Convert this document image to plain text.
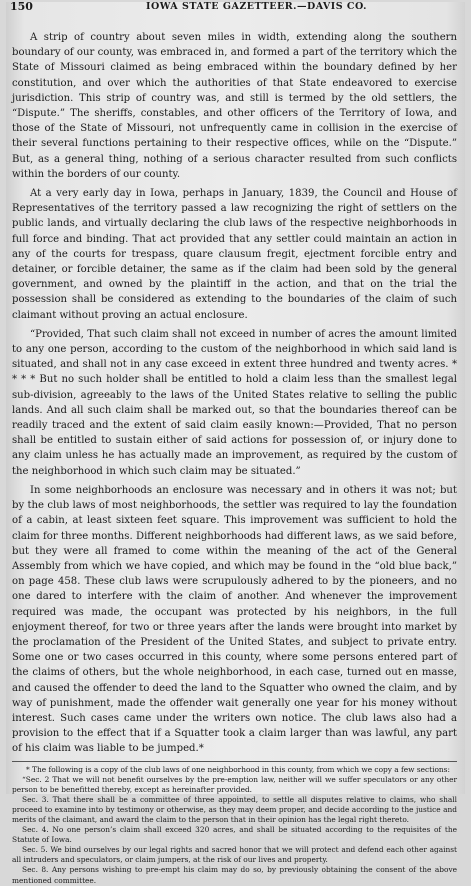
150	IOWA STATE GAZETTEER.—DAVIS CO.

A strip of country about seven miles in width, extending along the southern boundary of our county, was embraced in, and formed a part of the territory which the State of Missouri claimed as being embraced within the boundary defined by her constitution, and over which the authorities of that State endeavored to exercise jurisdiction. This strip of country was, and still is termed by the old settlers, the “Dispute.” The sheriffs, constables, and other officers of the Territory of Iowa, and those of the State of Missouri, not unfrequently came in collision in the exercise of their several functions pertaining to their respective offices, while on the “Dispute.” But, as a general thing, nothing of a serious character resulted from such conflicts within the borders of our county.

At a very early day in Iowa, perhaps in January, 1839, the Council and House of Representatives of the territory passed a law recognizing the right of settlers on the public lands, and virtually declaring the club laws of the respective neighborhoods in full force and binding. That act provided that any settler could maintain an action in any of the courts for trespass, quare clausum fregit, ejectment forcible entry and detainer, or forcible detainer, the same as if the claim had been sold by the general government, and owned by the plaintiff in the action, and that on the trial the possession shall be considered as extending to the boundaries of the claim of such claimant without proving an actual enclosure.

“Provided, That such claim shall not exceed in number of acres the amount limited to any one person, according to the custom of the neighborhood in which said land is situated, and shall not in any case exceed in extent three hundred and twenty acres. * * * * But no such holder shall be entitled to hold a claim less than the smallest legal sub-division, agreeably to the laws of the United States relative to selling the public lands. And all such claim shall be marked out, so that the boundaries thereof can be readily traced and the extent of said claim easily known:—Provided, That no person shall be entitled to sustain either of said actions for possession of, or injury done to any claim unless he has actually made an improvement, as required by the custom of the neighborhood in which such claim may be situated.”

In some neighborhoods an enclosure was necessary and in others it was not; but by the club laws of most neighborhoods, the settler was required to lay the foundation of a cabin, at least sixteen feet square. This improvement was sufficient to hold the claim for three months. Different neighborhoods had different laws, as we said before, but they were all framed to come within the meaning of the act of the General Assembly from which we have copied, and which may be found in the “old blue back,” on page 458. These club laws were scrupulously adhered to by the pioneers, and no one dared to interfere with the claim of another. And whenever the improvement required was made, the occupant was protected by his neighbors, in the full enjoyment thereof, for two or three years after the lands were brought into market by the proclamation of the President of the United States, and subject to private entry. Some one or two cases occurred in this county, where some persons entered part of the claims of others, but the whole neighborhood, in each case, turned out en masse, and caused the offender to deed the land to the Squatter who owned the claim, and by way of punishment, made the offender wait generally one year for his money without interest. Such cases came under the writers own notice. The club laws also had a provision to the effect that if a Squatter took a claim larger than was lawful, any part of his claim was liable to be jumped.*

* The following is a copy of the club laws of one neighborhood in this county, from which we copy a few sections:

“Sec. 2 That we will not benefit ourselves by the pre-emption law, neither will we suffer speculators or any other person to be benefitted thereby, except as hereinafter provided.

Sec. 3. That there shall be a committee of three appointed, to settle all disputes relative to claims, who shall proceed to examine into by testimony or otherwise, as they may deem proper, and decide according to the justice and merits of the claimant, and award the claim to the person that in their opinion has the legal right thereto.

Sec. 4. No one person’s claim shall exceed 320 acres, and shall be situated according to the requisites of the Statute of Iowa.

Sec. 5. We bind ourselves by our legal rights and sacred honor that we will protect and defend each other against all intruders and speculators, or claim jumpers, at the risk of our lives and property.

Sec. 8. Any persons wishing to pre-empt his claim may do so, by previously obtaining the consent of the above mentioned committee.
